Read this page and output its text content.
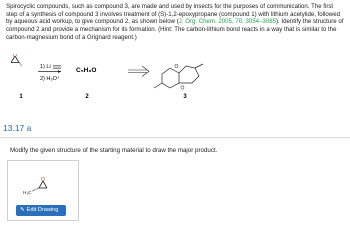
Spirocyclic compounds, such as compound 3, are made and used by insects for the purposes of communication. The first step of a synthesis of compound 3 involves treatment of (S)-1,2-epoxypropane (compound 1) with lithium acetylide, followed by aqueous acid workup, to give compound 2, as shown below (J. Org. Chem. 2005, 70, 3054–3065). Identify the structure of compound 2 and provide a mechanism for its formation. (Hint: The carbon-lithium bond reacts in a way that is similar to the carbon-magnesium bond of a Grignard reagent.)

O
1
1) Li
2) H₃O⁺
C₅H₈O
2
O
O
3
13.17 a
Modify the given structure of the starting material to draw the major product.
O
H₃C
✎ Edit Drawing
